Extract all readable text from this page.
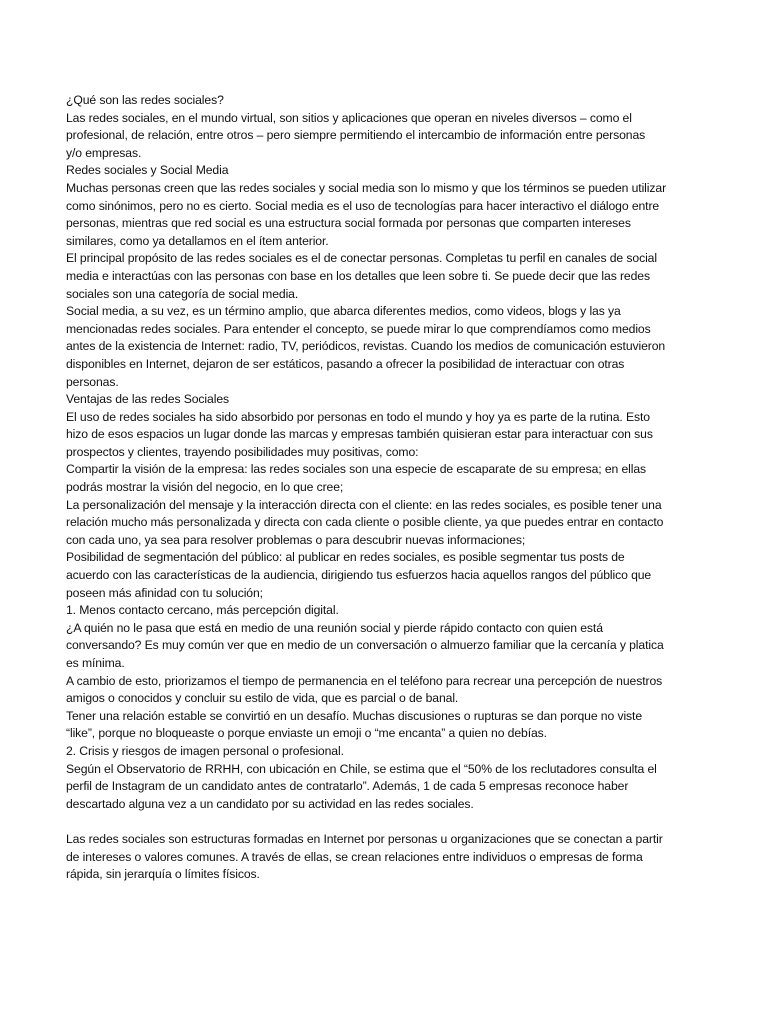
¿Qué son las redes sociales?
Las redes sociales, en el mundo virtual, son sitios y aplicaciones que operan en niveles diversos – como el
profesional, de relación, entre otros – pero siempre permitiendo el intercambio de información entre personas
y/o empresas.
Redes sociales y Social Media
Muchas personas creen que las redes sociales y social media son lo mismo y que los términos se pueden utilizar
como sinónimos, pero no es cierto. Social media es el uso de tecnologías para hacer interactivo el diálogo entre
personas, mientras que red social es una estructura social formada por personas que comparten intereses
similares, como ya detallamos en el ítem anterior.
El principal propósito de las redes sociales es el de conectar personas. Completas tu perfil en canales de social
media e interactúas con las personas con base en los detalles que leen sobre ti. Se puede decir que las redes
sociales son una categoría de social media.
Social media, a su vez, es un término amplio, que abarca diferentes medios, como videos, blogs y las ya
mencionadas redes sociales. Para entender el concepto, se puede mirar lo que comprendíamos como medios
antes de la existencia de Internet: radio, TV, periódicos, revistas. Cuando los medios de comunicación estuvieron
disponibles en Internet, dejaron de ser estáticos, pasando a ofrecer la posibilidad de interactuar con otras
personas.
Ventajas de las redes Sociales
El uso de redes sociales ha sido absorbido por personas en todo el mundo y hoy ya es parte de la rutina. Esto
hizo de esos espacios un lugar donde las marcas y empresas también quisieran estar para interactuar con sus
prospectos y clientes, trayendo posibilidades muy positivas, como:
Compartir la visión de la empresa: las redes sociales son una especie de escaparate de su empresa; en ellas
podrás mostrar la visión del negocio, en lo que cree;
La personalización del mensaje y la interacción directa con el cliente: en las redes sociales, es posible tener una
relación mucho más personalizada y directa con cada cliente o posible cliente, ya que puedes entrar en contacto
con cada uno, ya sea para resolver problemas o para descubrir nuevas informaciones;
Posibilidad de segmentación del público: al publicar en redes sociales, es posible segmentar tus posts de
acuerdo con las características de la audiencia, dirigiendo tus esfuerzos hacia aquellos rangos del público que
poseen más afinidad con tu solución;
1. Menos contacto cercano, más percepción digital.
¿A quién no le pasa que está en medio de una reunión social y pierde rápido contacto con quien está
conversando? Es muy común ver que en medio de un conversación o almuerzo familiar que la cercanía y platica
es mínima.
A cambio de esto, priorizamos el tiempo de permanencia en el teléfono para recrear una percepción de nuestros
amigos o conocidos y concluir su estilo de vida, que es parcial o de banal.
Tener una relación estable se convirtió en un desafío. Muchas discusiones o rupturas se dan porque no viste
“like”, porque no bloqueaste o porque enviaste un emoji o “me encanta” a quien no debías.
2. Crisis y riesgos de imagen personal o profesional.
Según el Observatorio de RRHH, con ubicación en Chile, se estima que el “50% de los reclutadores consulta el
perfil de Instagram de un candidato antes de contratarlo”. Además, 1 de cada 5 empresas reconoce haber
descartado alguna vez a un candidato por su actividad en las redes sociales.
Las redes sociales son estructuras formadas en Internet por personas u organizaciones que se conectan a partir
de intereses o valores comunes. A través de ellas, se crean relaciones entre individuos o empresas de forma
rápida, sin jerarquía o límites físicos.
